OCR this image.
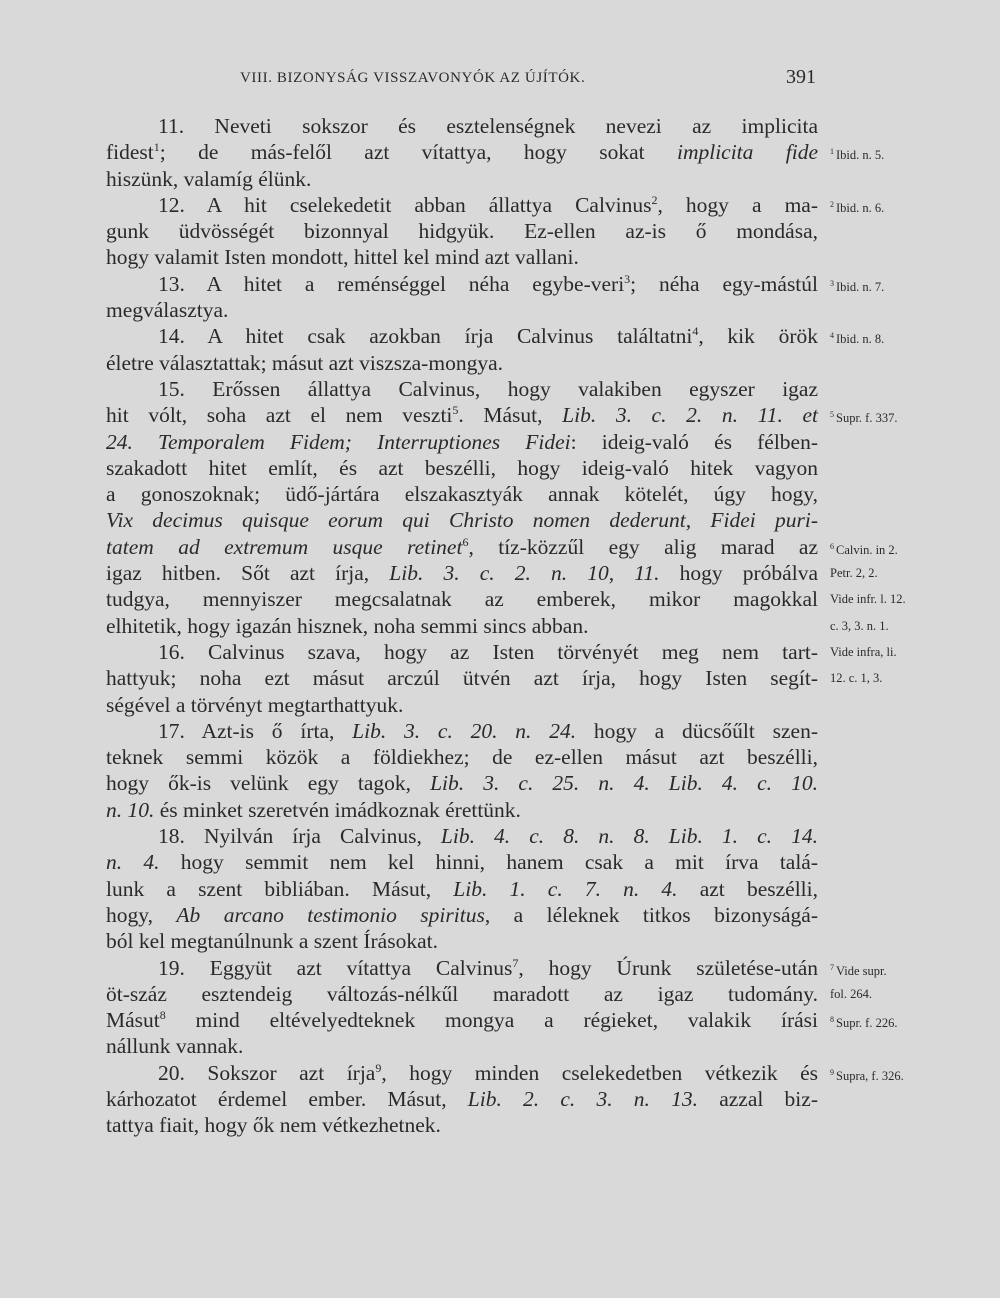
VIII. BIZONYSÁG VISSZAVONYÓK AZ ÚJÍTÓK.	391
11. Neveti sokszor és esztelenségnek nevezi az implicita
fidest$^1$; de más-felől azt vítattya, hogy sokat implicita fide
hiszünk, valamíg élünk.
12. A hit cselekedetit abban állattya Calvinus$^2$, hogy a ma-
gunk üdvösségét bizonnyal hidgyük. Ez-ellen az-is ő mondása,
hogy valamit Isten mondott, hittel kel mind azt vallani.
13. A hitet a reménséggel néha egybe-veri$^3$; néha egy-mástúl
megválasztya.
14. A hitet csak azokban írja Calvinus találtatni$^4$, kik örök
életre választattak; másut azt viszsza-mongya.
15. Erőssen állattya Calvinus, hogy valakiben egyszer igaz
hit vólt, soha azt el nem veszti$^5$. Másut, Lib. 3. c. 2. n. 11. et
24. Temporalem Fidem; Interruptiones Fidei: ideig-való és félben-
szakadott hitet említ, és azt beszélli, hogy ideig-való hitek vagyon
a gonoszoknak; üdő-jártára elszakasztyák annak kötelét, úgy hogy,
Vix decimus quisque eorum qui Christo nomen dederunt, Fidei puri-
tatem ad extremum usque retinet$^6$, tíz-közzűl egy alig marad az
igaz hitben. Sőt azt írja, Lib. 3. c. 2. n. 10, 11. hogy próbálva
tudgya, mennyiszer megcsalatnak az emberek, mikor magokkal
elhitetik, hogy igazán hisznek, noha semmi sincs abban.
16. Calvinus szava, hogy az Isten törvényét meg nem tart-
hattyuk; noha ezt másut arczúl ütvén azt írja, hogy Isten segít-
ségével a törvényt megtarthattyuk.
17. Azt-is ő írta, Lib. 3. c. 20. n. 24. hogy a dücsőűlt szen-
teknek semmi közök a földiekhez; de ez-ellen másut azt beszélli,
hogy ők-is velünk egy tagok, Lib. 3. c. 25. n. 4. Lib. 4. c. 10.
n. 10. és minket szeretvén imádkoznak érettünk.
18. Nyilván írja Calvinus, Lib. 4. c. 8. n. 8. Lib. 1. c. 14.
n. 4. hogy semmit nem kel hinni, hanem csak a mit írva talá-
lunk a szent bibliában. Másut, Lib. 1. c. 7. n. 4. azt beszélli,
hogy, Ab arcano testimonio spiritus, a léleknek titkos bizonyságá-
ból kel megtanúlnunk a szent Írásokat.
19. Eggyüt azt vítattya Calvinus$^7$, hogy Úrunk születése-után
öt-száz esztendeig változás-nélkűl maradott az igaz tudomány.
Másut$^8$ mind eltévelyedteknek mongya a régieket, valakik írási
nállunk vannak.
20. Sokszor azt írja$^9$, hogy minden cselekedetben vétkezik és
kárhozatot érdemel ember. Másut, Lib. 2. c. 3. n. 13. azzal biz-
tattya fiait, hogy ők nem vétkezhetnek.
$^1$ Ibid. n. 5.
$^2$ Ibid. n. 6.
$^3$ Ibid. n. 7.
$^4$ Ibid. n. 8.
$^5$ Supr. f. 337.
$^6$ Calvin. in 2.
Petr. 2, 2.
Vide infr. l. 12.
c. 3, 3. n. 1.
Vide infra, li.
12. c. 1, 3.
$^7$ Vide supr.
fol. 264.
$^8$ Supr. f. 226.
$^9$ Supra, f. 326.
